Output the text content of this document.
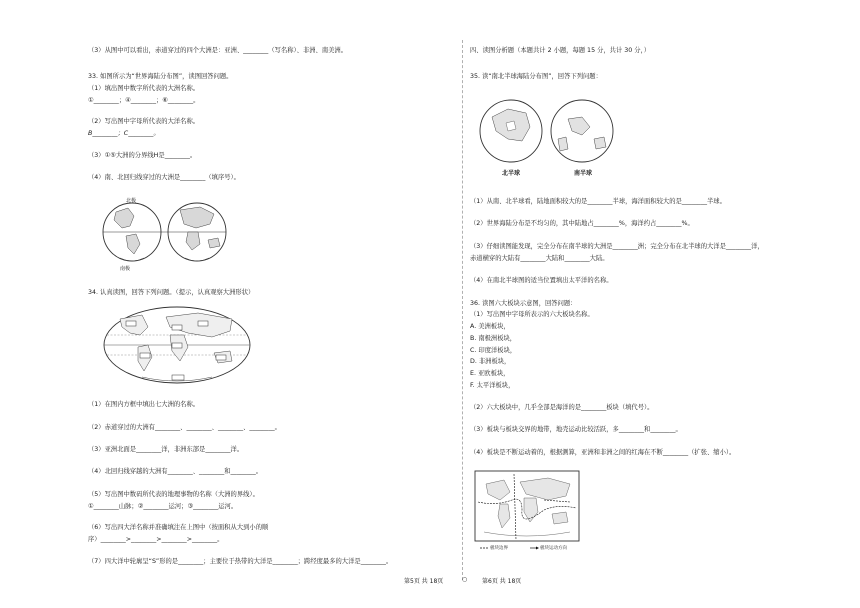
（3）从图中可以看出，赤道穿过的四个大洲是：亚洲、________（写名称）、非洲、南美洲。
33. 如图所示为“世界海陆分布图”，读图回答问题。
（1）填出图中数字所代表的大洲名称。
①________；④________；⑥________。
（2）写出图中字母所代表的大洋名称。
B________；C________。
（3）①⑤大洲的分界线H是________。
（4）南、北回归线穿过的大洲是________（填序号）。
北极
南极
34. 认真读图，回答下列问题。（提示，认真观察大洲形状）
（1）在图内方框中填出七大洲的名称。
（2）赤道穿过的大洲有________、________、________、________。
（3）亚洲北面是________洋，非洲东部是________洋。
（4）北回归线穿越的大洲有________、________和________。
（5）写出图中数码所代表的地理事物的名称（大洲的界线）。
①________山脉；②________运河；③________运河。
（6）写出四大洋名称并准确填注在上图中（按面积从大到小的顺
序）________>________>________>________。
（7）四大洋中轮廓呈“S”形的是________；主要位于热带的大洋是________；跨经度最多的大洋是________。
四、读图分析题（本题共计 2 小题，每题 15 分，共计 30 分，）
35. 读“南北半球海陆分布图”，回答下列问题：
北半球	南半球
（1）从南、北半球看，陆地面积较大的是________半球，海洋面积较大的是________半球。
（2）世界海陆分布是不均匀的，其中陆地占________%，海洋约占________%。
（3）仔细读图能发现，完全分布在南半球的大洲是________洲；完全分布在北半球的大洋是________洋，
赤道横穿的大陆有________大陆和________大陆。
（4）在南北半球图的适当位置填出太平洋的名称。
36. 读图六大板块示意图，回答问题：
（1）写出图中字母所表示的六大板块名称。
A. 美洲板块，
B. 南极洲板块，
C. 印度洋板块，
D. 非洲板块，
E. 亚欧板块，
F. 太平洋板块，
（2）六大板块中，几乎全部是海洋的是________板块（填代号）。
（3）板块与板块交界的地带，地壳运动比较活跃，多________和________。
（4）板块是不断运动着的，根据测算，亚洲和非洲之间的红海在不断________（扩张、缩小）。
板块边界	板块运动方向
第5页 共 18页	○ 第6页 共 18页
